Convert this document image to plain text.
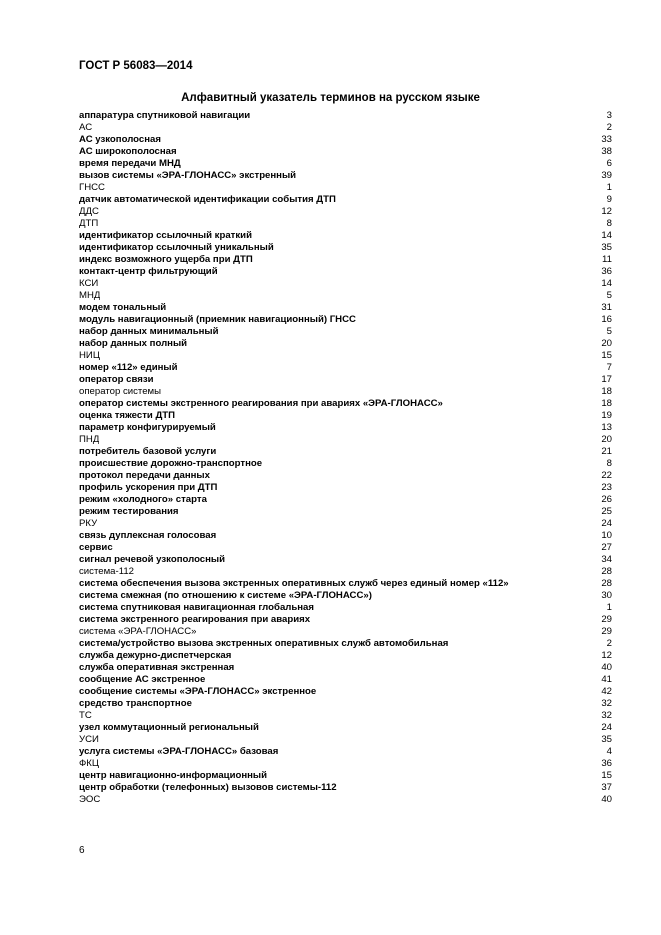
ГОСТ Р 56083—2014
Алфавитный указатель терминов на русском языке
аппаратура спутниковой навигации	3
АС	2
АС узкополосная	33
АС широкополосная	38
время передачи МНД	6
вызов системы «ЭРА-ГЛОНАСС» экстренный	39
ГНСС	1
датчик автоматической идентификации события ДТП	9
ДДС	12
ДТП	8
идентификатор ссылочный краткий	14
идентификатор ссылочный уникальный	35
индекс возможного ущерба при ДТП	11
контакт-центр фильтрующий	36
КСИ	14
МНД	5
модем тональный	31
модуль навигационный (приемник навигационный) ГНСС	16
набор данных минимальный	5
набор данных полный	20
НИЦ	15
номер «112» единый	7
оператор связи	17
оператор системы	18
оператор системы экстренного реагирования при авариях «ЭРА-ГЛОНАСС»	18
оценка тяжести ДТП	19
параметр конфигурируемый	13
ПНД	20
потребитель базовой услуги	21
происшествие дорожно-транспортное	8
протокол передачи данных	22
профиль ускорения при ДТП	23
режим «холодного» старта	26
режим тестирования	25
РКУ	24
связь дуплексная голосовая	10
сервис	27
сигнал речевой узкополосный	34
система-112	28
система обеспечения вызова экстренных оперативных служб через единый номер «112»	28
система смежная (по отношению к системе «ЭРА-ГЛОНАСС»)	30
система спутниковая навигационная глобальная	1
система экстренного реагирования при авариях	29
система «ЭРА-ГЛОНАСС»	29
система/устройство вызова экстренных оперативных служб автомобильная	2
служба дежурно-диспетчерская	12
служба оперативная экстренная	40
сообщение АС экстренное	41
сообщение системы «ЭРА-ГЛОНАСС» экстренное	42
средство транспортное	32
ТС	32
узел коммутационный региональный	24
УСИ	35
услуга системы «ЭРА-ГЛОНАСС» базовая	4
ФКЦ	36
центр навигационно-информационный	15
центр обработки (телефонных) вызовов системы-112	37
ЭОС	40
6
